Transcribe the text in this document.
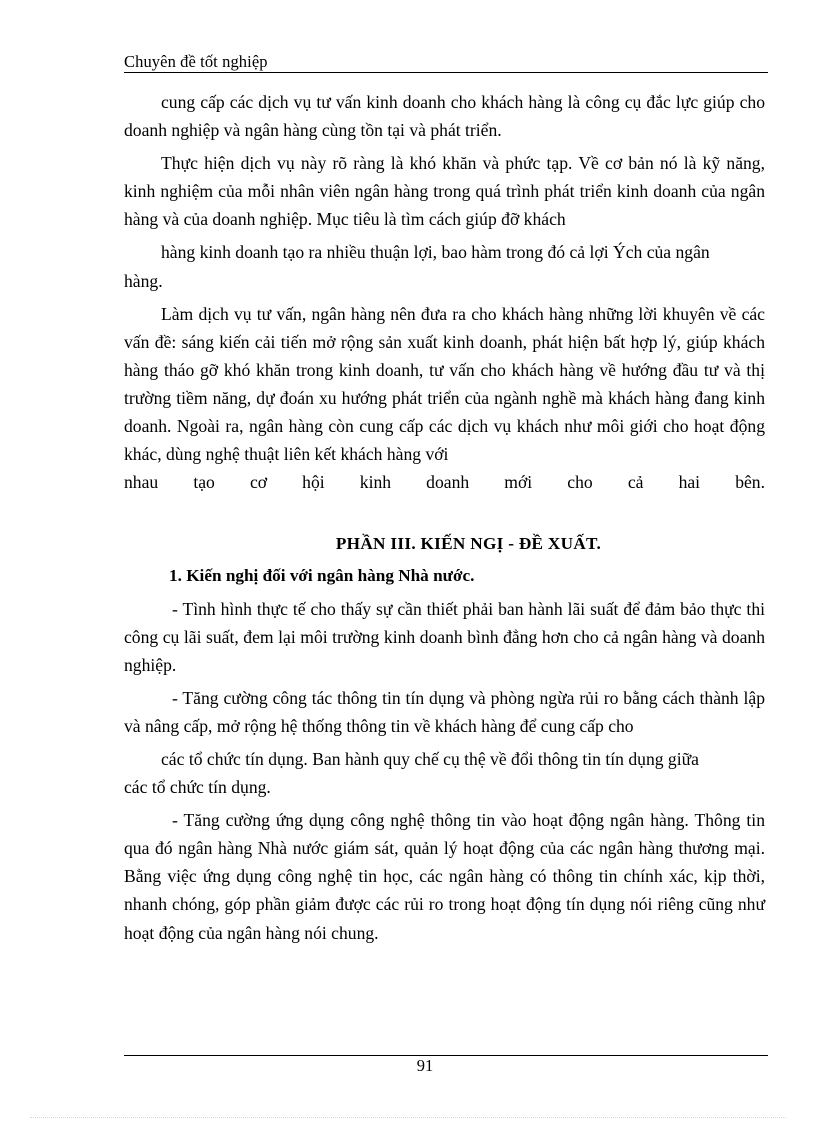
Chuyên đề tốt nghiệp

cung cấp các dịch vụ tư vấn kinh doanh cho khách hàng là công cụ đắc lực giúp cho doanh nghiệp và ngân hàng cùng tồn tại và phát triển.

Thực hiện dịch vụ này rõ ràng là khó khăn và phức tạp. Về cơ bản nó là kỹ năng, kinh nghiệm của mỗi nhân viên ngân hàng trong quá trình phát triển kinh doanh của ngân hàng và của doanh nghiệp. Mục tiêu là tìm cách giúp đỡ khách

hàng kinh doanh tạo ra nhiều thuận lợi, bao hàm trong đó cả lợi Ých của ngân

hàng.

Làm dịch vụ tư vấn, ngân hàng nên đưa ra cho khách hàng những lời khuyên về các vấn đề: sáng kiến cải tiến mở rộng sản xuất kinh doanh, phát hiện bất hợp lý, giúp khách hàng tháo gỡ khó khăn trong kinh doanh, tư vấn cho khách hàng về hướng đầu tư và thị trường tiềm năng, dự đoán xu hướng phát triển của ngành nghề mà khách hàng đang kinh doanh. Ngoài ra, ngân hàng còn cung cấp các dịch vụ khách như môi giới cho hoạt động khác, dùng nghệ thuật liên kết khách hàng với

nhau tạo cơ hội kinh doanh mới cho cả hai bên.

PHẦN III. KIẾN NGỊ - ĐỀ XUẤT.

1. Kiến nghị đối với ngân hàng Nhà nước.

- Tình hình thực tế cho thấy sự cần thiết phải ban hành lãi suất để đảm bảo thực thi công cụ lãi suất, đem lại môi trường kinh doanh bình đẳng hơn cho cả ngân hàng và doanh nghiệp.

- Tăng cường công tác thông tin tín dụng và phòng ngừa rủi ro bằng cách thành lập và nâng cấp, mở rộng hệ thống thông tin về khách hàng để cung cấp cho

các tổ chức tín dụng. Ban hành quy chế cụ thệ về đổi thông tin tín dụng giữa

các tổ chức tín dụng.

- Tăng cường ứng dụng công nghệ thông tin vào hoạt động ngân hàng. Thông tin qua đó ngân hàng Nhà nước giám sát, quản lý hoạt động của các ngân hàng thương mại. Bằng việc ứng dụng công nghệ tin học, các ngân hàng có thông tin chính xác, kịp thời, nhanh chóng, góp phần giảm được các rủi ro trong hoạt động tín dụng nói riêng cũng như hoạt động của ngân hàng nói chung.

91
